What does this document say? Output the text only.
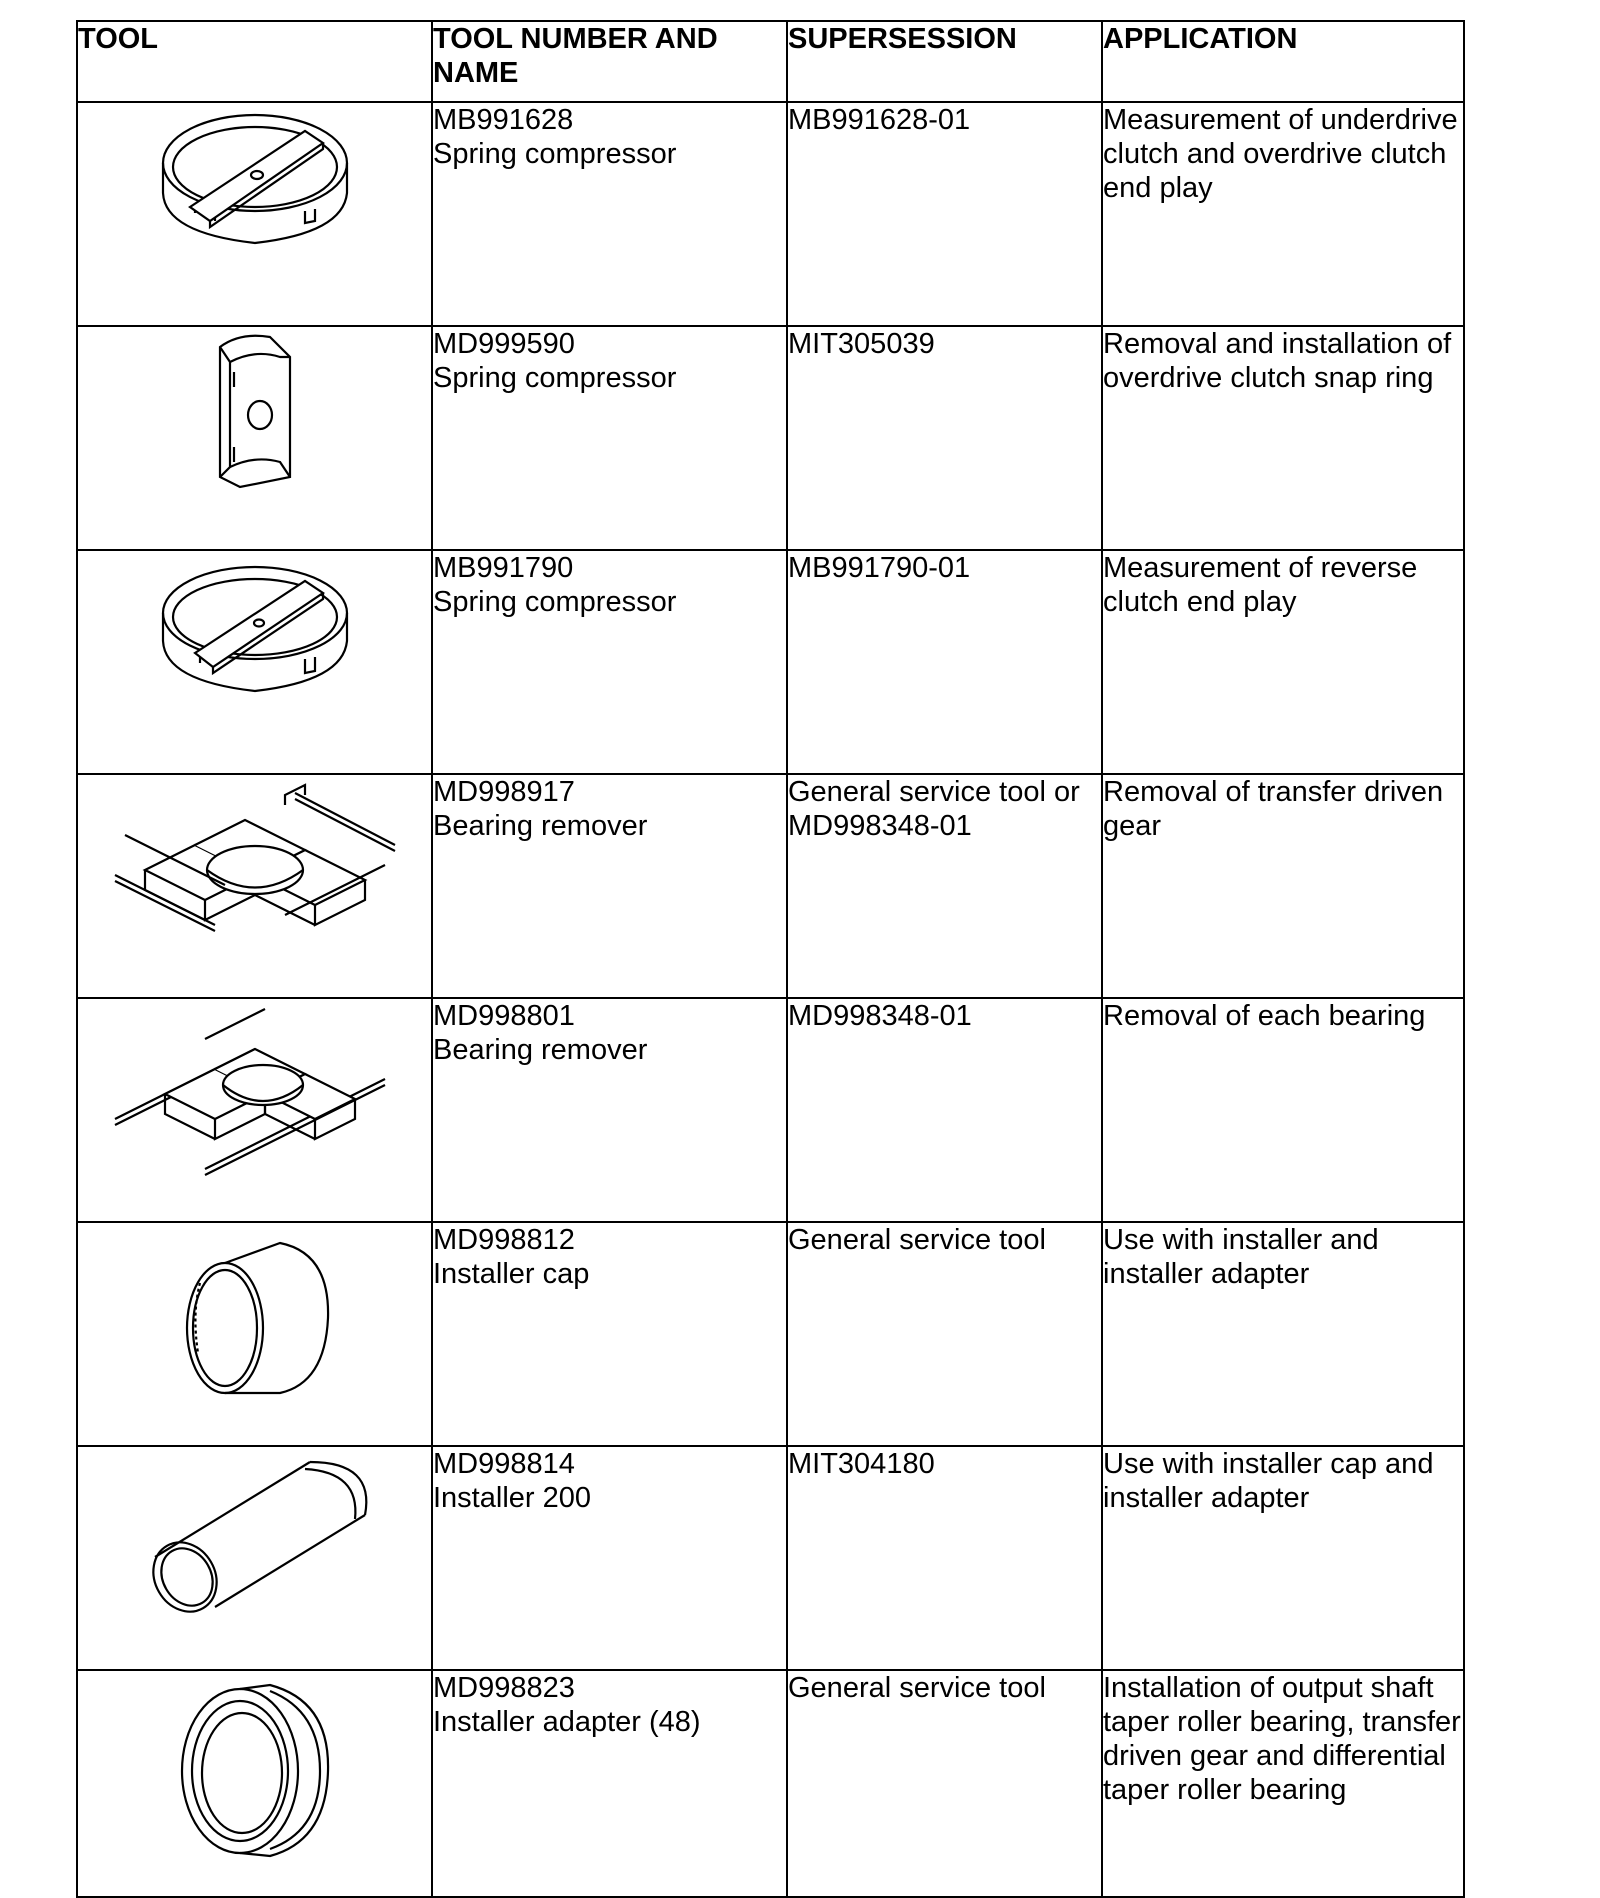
TOOL	TOOL NUMBER AND NAME	SUPERSESSION	APPLICATION

MB991628
Spring compressor	MB991628-01	Measurement of underdrive clutch and overdrive clutch end play

MD999590
Spring compressor	MIT305039	Removal and installation of overdrive clutch snap ring

MB991790
Spring compressor	MB991790-01	Measurement of reverse clutch end play

MD998917
Bearing remover	General service tool or MD998348-01	Removal of transfer driven gear

MD998801
Bearing remover	MD998348-01	Removal of each bearing

MD998812
Installer cap	General service tool	Use with installer and installer adapter

MD998814
Installer 200	MIT304180	Use with installer cap and installer adapter

MD998823
Installer adapter (48)	General service tool	Installation of output shaft taper roller bearing, transfer driven gear and differential taper roller bearing
